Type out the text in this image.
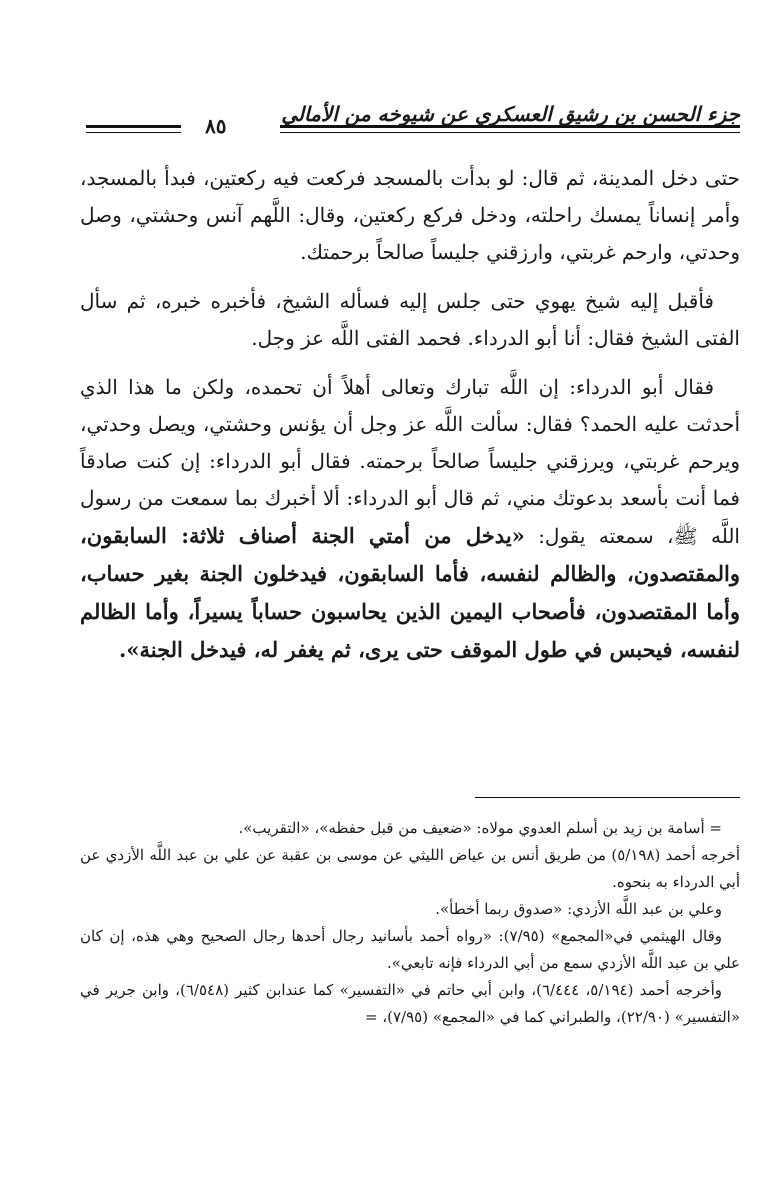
جزء الحسن بن رشيق العسكري عن شيوخه من الأمالي
٨٥

حتى دخل المدينة، ثم قال: لو بدأت بالمسجد فركعت فيه ركعتين، فبدأ بالمسجد، وأمر إنساناً يمسك راحلته، ودخل فركع ركعتين، وقال: اللَّهم آنس وحشتي، وصل وحدتي، وارحم غربتي، وارزقني جليساً صالحاً برحمتك.

فأقبل إليه شيخ يهوي حتى جلس إليه فسأله الشيخ، فأخبره خبره، ثم سأل الفتى الشيخ فقال: أنا أبو الدرداء. فحمد الفتى اللَّه عز وجل.

فقال أبو الدرداء: إن اللَّه تبارك وتعالى أهلاً أن تحمده، ولكن ما هذا الذي أحدثت عليه الحمد؟ فقال: سألت اللَّه عز وجل أن يؤنس وحشتي، ويصل وحدتي، ويرحم غربتي، ويرزقني جليساً صالحاً برحمته. فقال أبو الدرداء: إن كنت صادقاً فما أنت بأسعد بدعوتك مني، ثم قال أبو الدرداء: ألا أخبرك بما سمعت من رسول اللَّه ﷺ، سمعته يقول: «يدخل من أمتي الجنة أصناف ثلاثة: السابقون، والمقتصدون، والظالم لنفسه، فأما السابقون، فيدخلون الجنة بغير حساب، وأما المقتصدون، فأصحاب اليمين الذين يحاسبون حساباً يسيراً، وأما الظالم لنفسه، فيحبس في طول الموقف حتى يرى، ثم يغفر له، فيدخل الجنة».

= أسامة بن زيد بن أسلم العدوي مولاه: «ضعيف من قبل حفظه»، «التقريب».

أخرجه أحمد (٥/١٩٨) من طريق أنس بن عياض الليثي عن موسى بن عقبة عن علي بن عبد اللَّه الأزدي عن أبي الدرداء به بنحوه.

وعلي بن عبد اللَّه الأزدي: «صدوق ربما أخطأ».

وقال الهيثمي في«المجمع» (٧/٩٥): «رواه أحمد بأسانيد رجال أحدها رجال الصحيح وهي هذه، إن كان علي بن عبد اللَّه الأزدي سمع من أبي الدرداء فإنه تابعي».

وأخرجه أحمد (٥/١٩٤، ٦/٤٤٤)، وابن أبي حاتم في «التفسير» كما عندابن كثير (٦/٥٤٨)، وابن جرير في «التفسير» (٢٢/٩٠)، والطبراني كما في «المجمع» (٧/٩٥)، =
